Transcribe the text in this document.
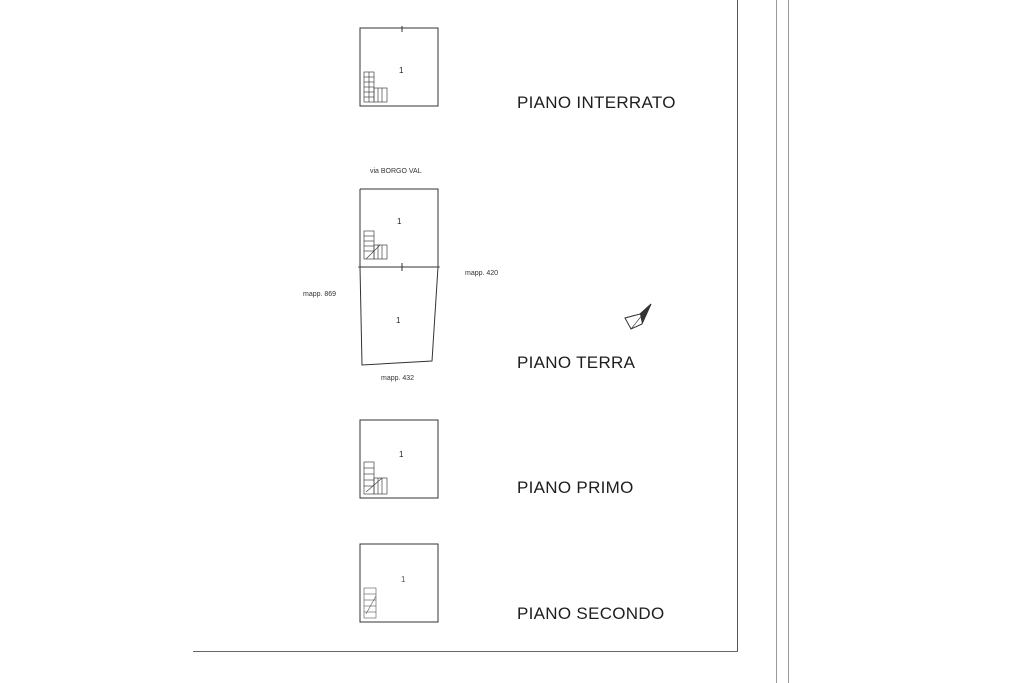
1
PIANO INTERRATO
via BORGO VAL
1
1
mapp. 420
mapp. 869
mapp. 432
PIANO TERRA
1
PIANO PRIMO
1
PIANO SECONDO
